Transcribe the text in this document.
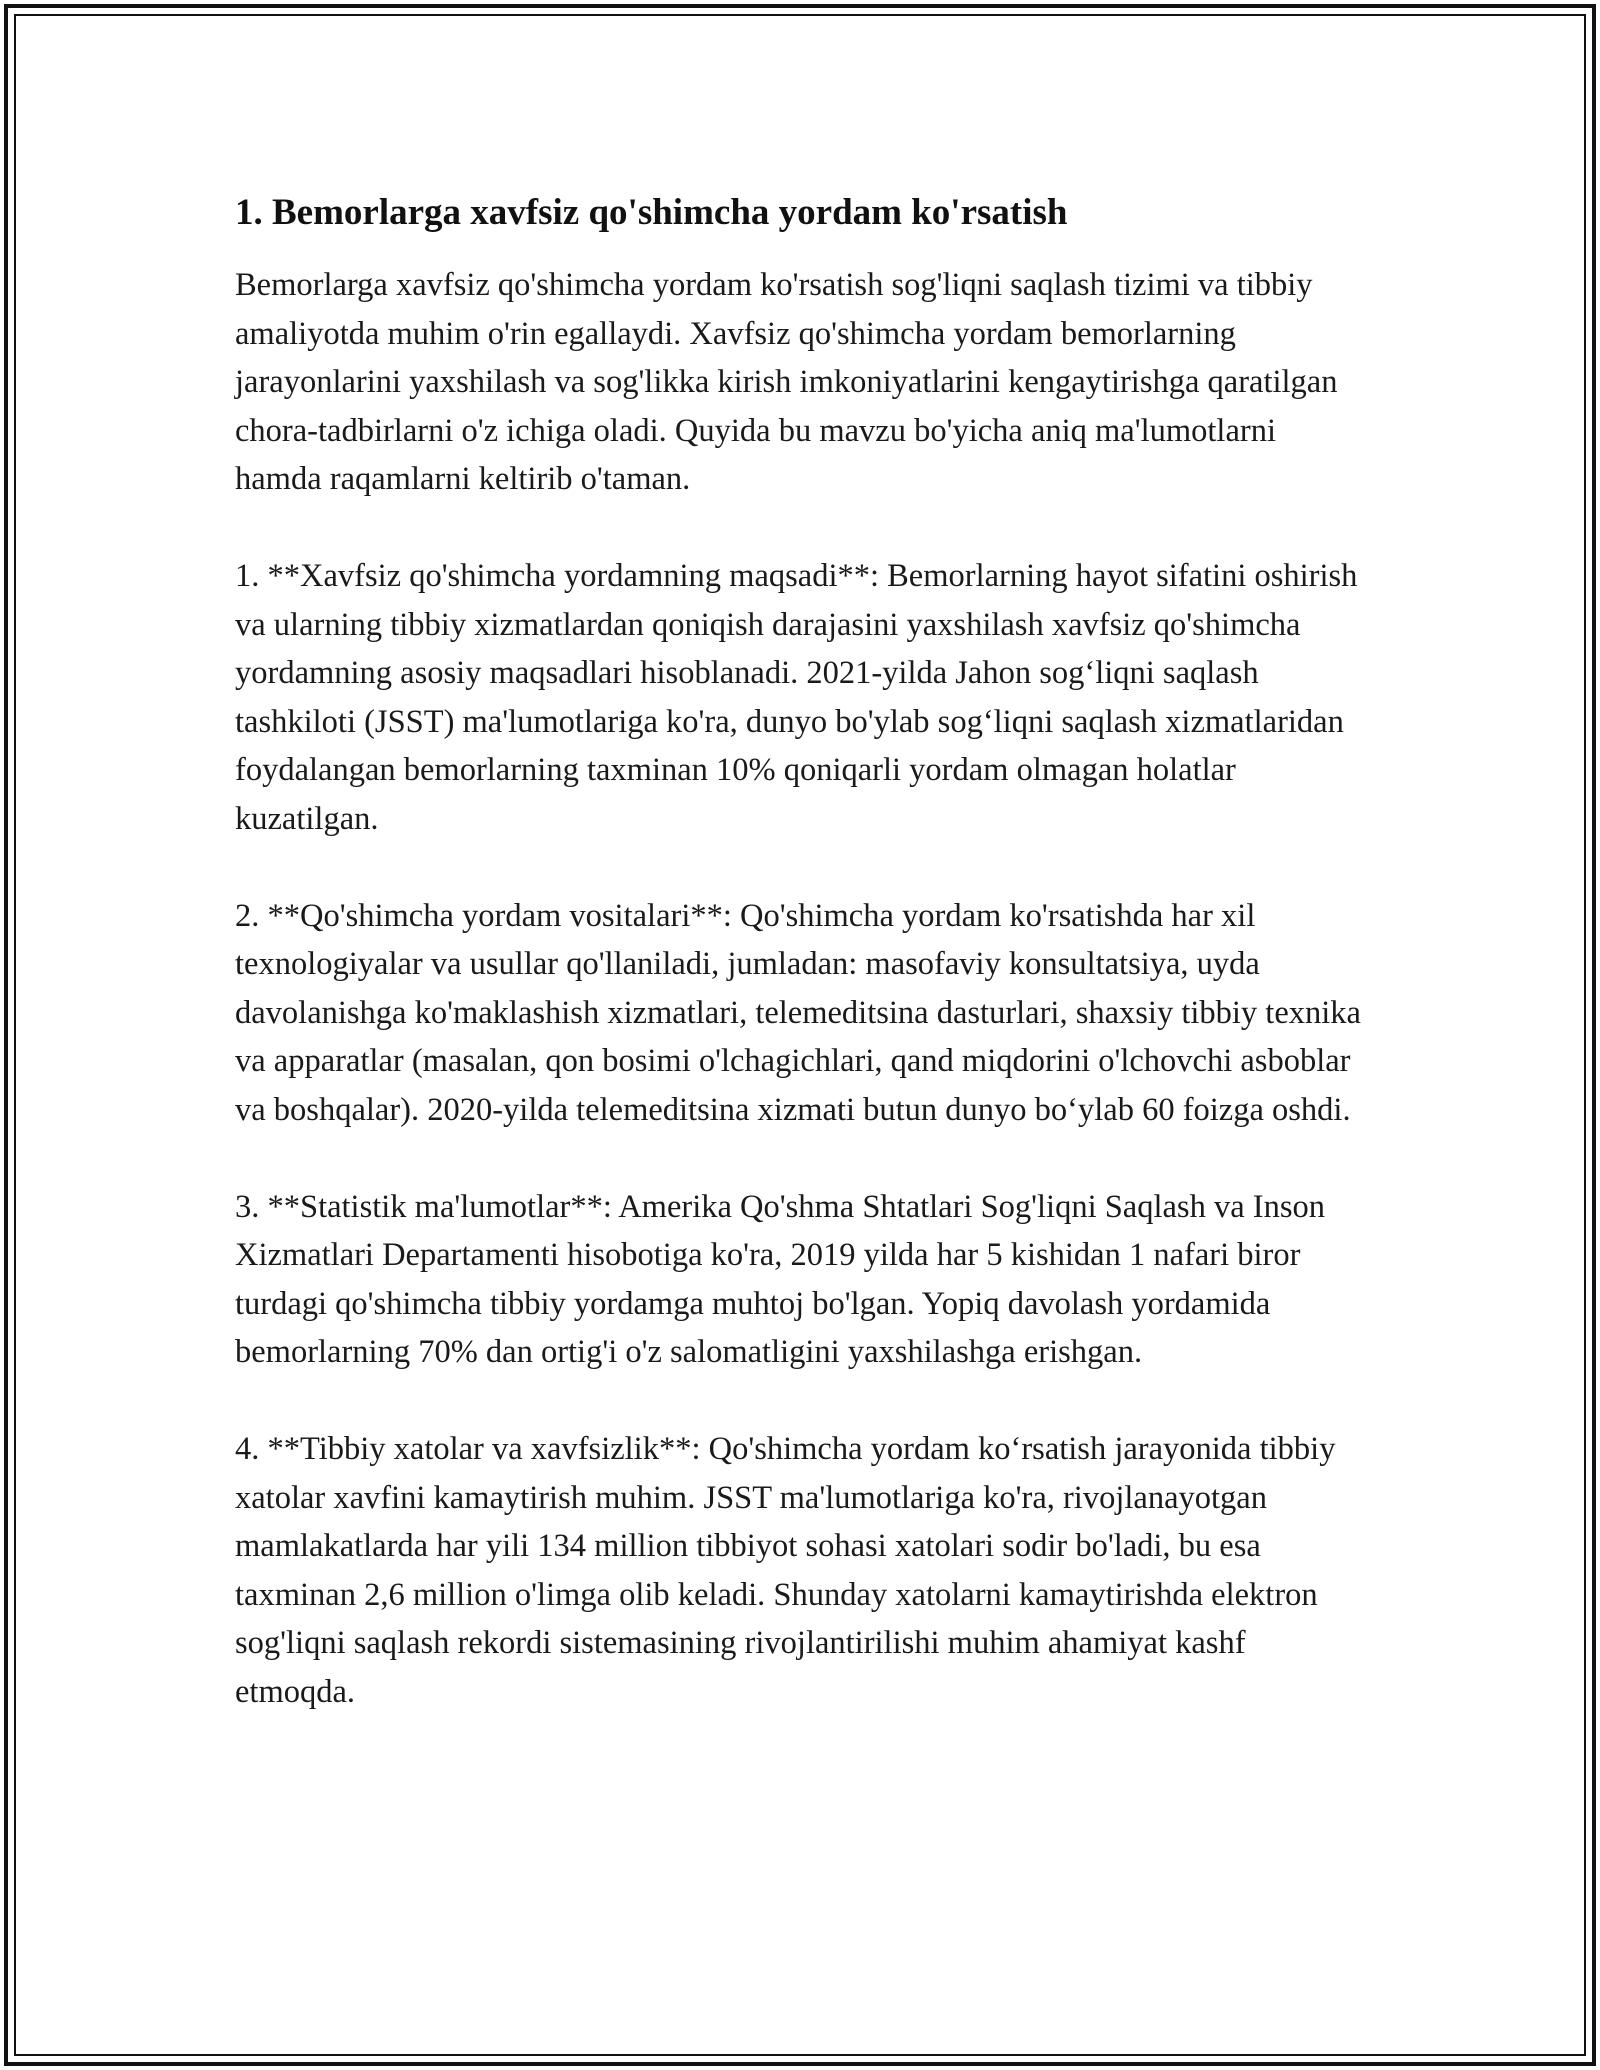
1. Bemorlarga xavfsiz qo'shimcha yordam ko'rsatish

Bemorlarga xavfsiz qo'shimcha yordam ko'rsatish sog'liqni saqlash tizimi va tibbiy amaliyotda muhim o'rin egallaydi. Xavfsiz qo'shimcha yordam bemorlarning jarayonlarini yaxshilash va sog'likka kirish imkoniyatlarini kengaytirishga qaratilgan chora-tadbirlarni o'z ichiga oladi. Quyida bu mavzu bo'yicha aniq ma'lumotlarni hamda raqamlarni keltirib o'taman.

1. **Xavfsiz qo'shimcha yordamning maqsadi**: Bemorlarning hayot sifatini oshirish va ularning tibbiy xizmatlardan qoniqish darajasini yaxshilash xavfsiz qo'shimcha yordamning asosiy maqsadlari hisoblanadi. 2021-yilda Jahon sog‘liqni saqlash tashkiloti (JSST) ma'lumotlariga ko'ra, dunyo bo'ylab sog‘liqni saqlash xizmatlaridan foydalangan bemorlarning taxminan 10% qoniqarli yordam olmagan holatlar kuzatilgan.

2. **Qo'shimcha yordam vositalari**: Qo'shimcha yordam ko'rsatishda har xil texnologiyalar va usullar qo'llaniladi, jumladan: masofaviy konsultatsiya, uyda davolanishga ko'maklashish xizmatlari, telemeditsina dasturlari, shaxsiy tibbiy texnika va apparatlar (masalan, qon bosimi o'lchagichlari, qand miqdorini o'lchovchi asboblar va boshqalar). 2020-yilda telemeditsina xizmati butun dunyo bo‘ylab 60 foizga oshdi.

3. **Statistik ma'lumotlar**: Amerika Qo'shma Shtatlari Sog'liqni Saqlash va Inson Xizmatlari Departamenti hisobotiga ko'ra, 2019 yilda har 5 kishidan 1 nafari biror turdagi qo'shimcha tibbiy yordamga muhtoj bo'lgan. Yopiq davolash yordamida bemorlarning 70% dan ortig'i o'z salomatligini yaxshilashga erishgan.

4. **Tibbiy xatolar va xavfsizlik**: Qo'shimcha yordam ko‘rsatish jarayonida tibbiy xatolar xavfini kamaytirish muhim. JSST ma'lumotlariga ko'ra, rivojlanayotgan mamlakatlarda har yili 134 million tibbiyot sohasi xatolari sodir bo'ladi, bu esa taxminan 2,6 million o'limga olib keladi. Shunday xatolarni kamaytirishda elektron sog'liqni saqlash rekordi sistemasining rivojlantirilishi muhim ahamiyat kashf etmoqda.
